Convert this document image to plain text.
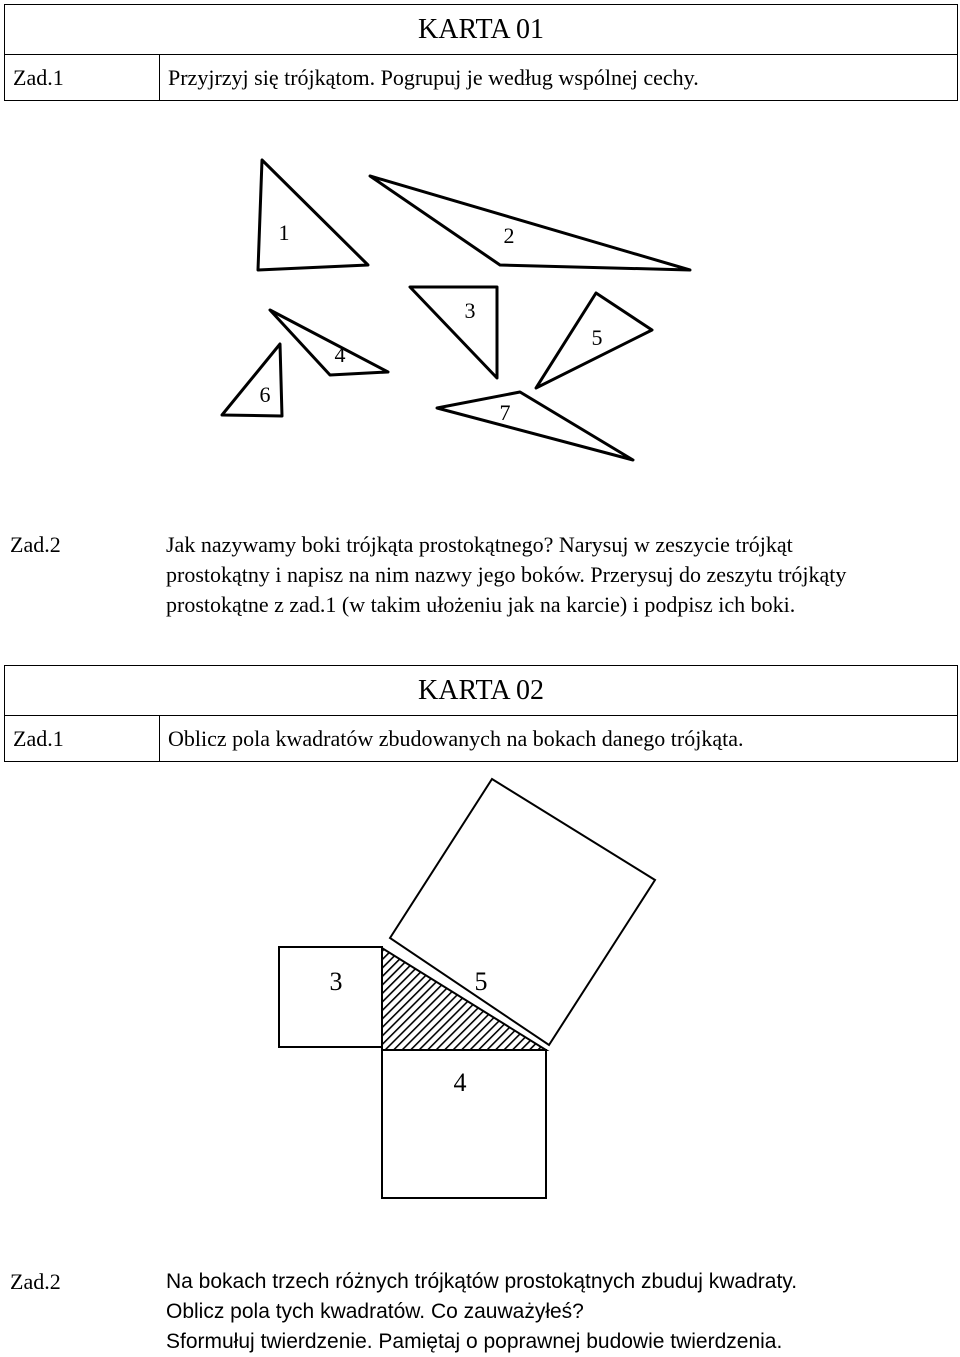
KARTA 01
Zad.1	Przyjrzyj się trójkątom. Pogrupuj je według wspólnej cechy.
1	2
3
4
5
6
7
Zad.2	Jak nazywamy boki trójkąta prostokątnego? Narysuj w zeszycie trójkąt
prostokątny i napisz na nim nazwy jego boków. Przerysuj do zeszytu trójkąty
prostokątne z zad.1 (w takim ułożeniu jak na karcie) i podpisz ich boki.
KARTA 02
Zad.1	Oblicz pola kwadratów zbudowanych na bokach danego trójkąta.
3	5
4
Zad.2	Na bokach trzech różnych trójkątów prostokątnych zbuduj kwadraty.
Oblicz pola tych kwadratów. Co zauważyłeś?
Sformułuj twierdzenie. Pamiętaj o poprawnej budowie twierdzenia.
